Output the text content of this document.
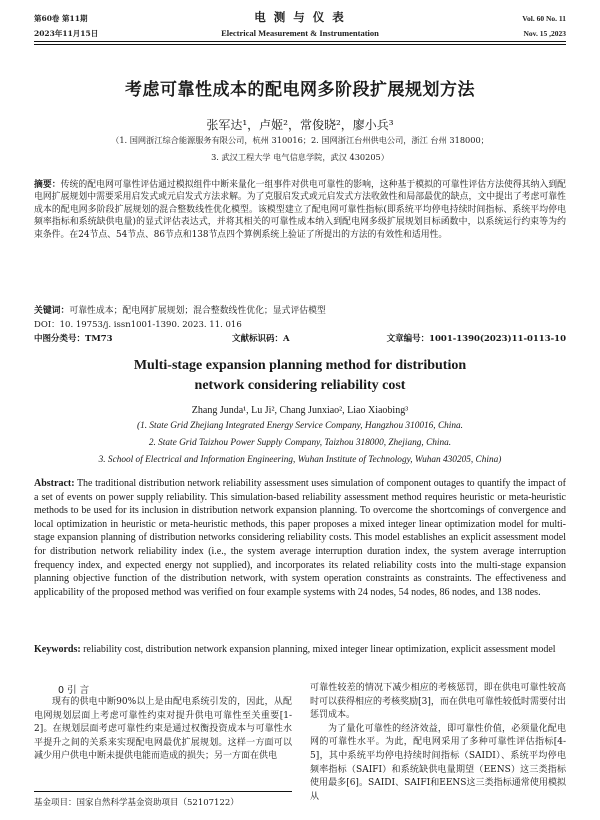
第60卷 第11期
2023年11月15日
电 测 与 仪 表
Electrical Measurement & Instrumentation
Vol. 60 No. 11
Nov. 15 ,2023
考虑可靠性成本的配电网多阶段扩展规划方法
张军达¹，卢姬²，常俊晓²，廖小兵³
（1. 国网浙江综合能源服务有限公司，杭州 310016；2. 国网浙江台州供电公司，浙江 台州 318000；
3. 武汉工程大学 电气信息学院，武汉 430205）
摘要：传统的配电网可靠性评估通过模拟组件中断来量化一组事件对供电可靠性的影响，这种基于模拟的可靠性评估方法使得其纳入到配电网扩展规划中需要采用启发式或元启发式方法求解。为了克服启发式或元启发式方法收敛性和局部最优的缺点，文中提出了考虑可靠性成本的配电网多阶段扩展规划的混合整数线性优化模型。该模型建立了配电网可靠性指标(即系统平均停电持续时间指标、系统平均停电频率指标和系统缺供电量)的显式评估表达式，并将其相关的可靠性成本纳入到配电网多级扩展规划目标函数中，以系统运行约束等为约束条件。在24节点、54节点、86节点和138节点四个算例系统上验证了所提出的方法的有效性和适用性。
关键词：可靠性成本；配电网扩展规划；混合整数线性优化；显式评估模型
DOI：10. 19753/j. issn1001-1390. 2023. 11. 016
中图分类号：TM73	文献标识码：A	文章编号：1001-1390(2023)11-0113-10
Multi-stage expansion planning method for distribution
network considering reliability cost
Zhang Junda¹, Lu Ji², Chang Junxiao², Liao Xiaobing³
(1. State Grid Zhejiang Integrated Energy Service Company, Hangzhou 310016, China.
2. State Grid Taizhou Power Supply Company, Taizhou 318000, Zhejiang, China.
3. School of Electrical and Information Engineering, Wuhan Institute of Technology, Wuhan 430205, China)
Abstract: The traditional distribution network reliability assessment uses simulation of component outages to quantify the impact of a set of events on power supply reliability. This simulation-based reliability assessment method requires heuristic or meta-heuristic methods to be used for its inclusion in distribution network expansion planning. To overcome the shortcomings of convergence and local optimization in heuristic or meta-heuristic methods, this paper proposes a mixed integer linear optimization model for multi-stage expansion planning of distribution networks considering reliability costs. This model establishes an explicit assessment model for distribution network reliability index (i.e., the system average interruption duration index, the system average interruption frequency index, and expected energy not supplied), and incorporates its related reliability costs into the multi-stage expansion planning objective function of the distribution network, with system operation constraints as constraints. The effectiveness and applicability of the proposed method was verified on four example systems with 24 nodes, 54 nodes, 86 nodes, and 138 nodes.
Keywords: reliability cost, distribution network expansion planning, mixed integer linear optimization, explicit assessment model
0 引 言
现有的供电中断90%以上是由配电系统引发的，因此，从配电网规划层面上考虑可靠性约束对提升供电可靠性至关重要[1-2]。在规划层面考虑可靠性约束是通过权衡投资成本与可靠性水平提升之间的关系来实现配电网最优扩展规划。这样一方面可以减少用户供电中断未提供电能而造成的损失；另一方面在供电
可靠性较差的情况下减少相应的考核惩罚，即在供电可靠性较高时可以获得相应的考核奖励[3]，而在供电可靠性较低时需要付出惩罚成本。
为了量化可靠性的经济效益，即可靠性价值，必须量化配电网的可靠性水平。为此，配电网采用了多种可靠性评估指标[4-5]，其中系统平均停电持续时间指标（SAIDI）、系统平均停电频率指标（SAIFI）和系统缺供电量期望（EENS）这三类指标使用最多[6]。SAIDI、SAIFI和EENS这三类指标通常使用模拟从
基金项目：国家自然科学基金资助项目（52107122）
